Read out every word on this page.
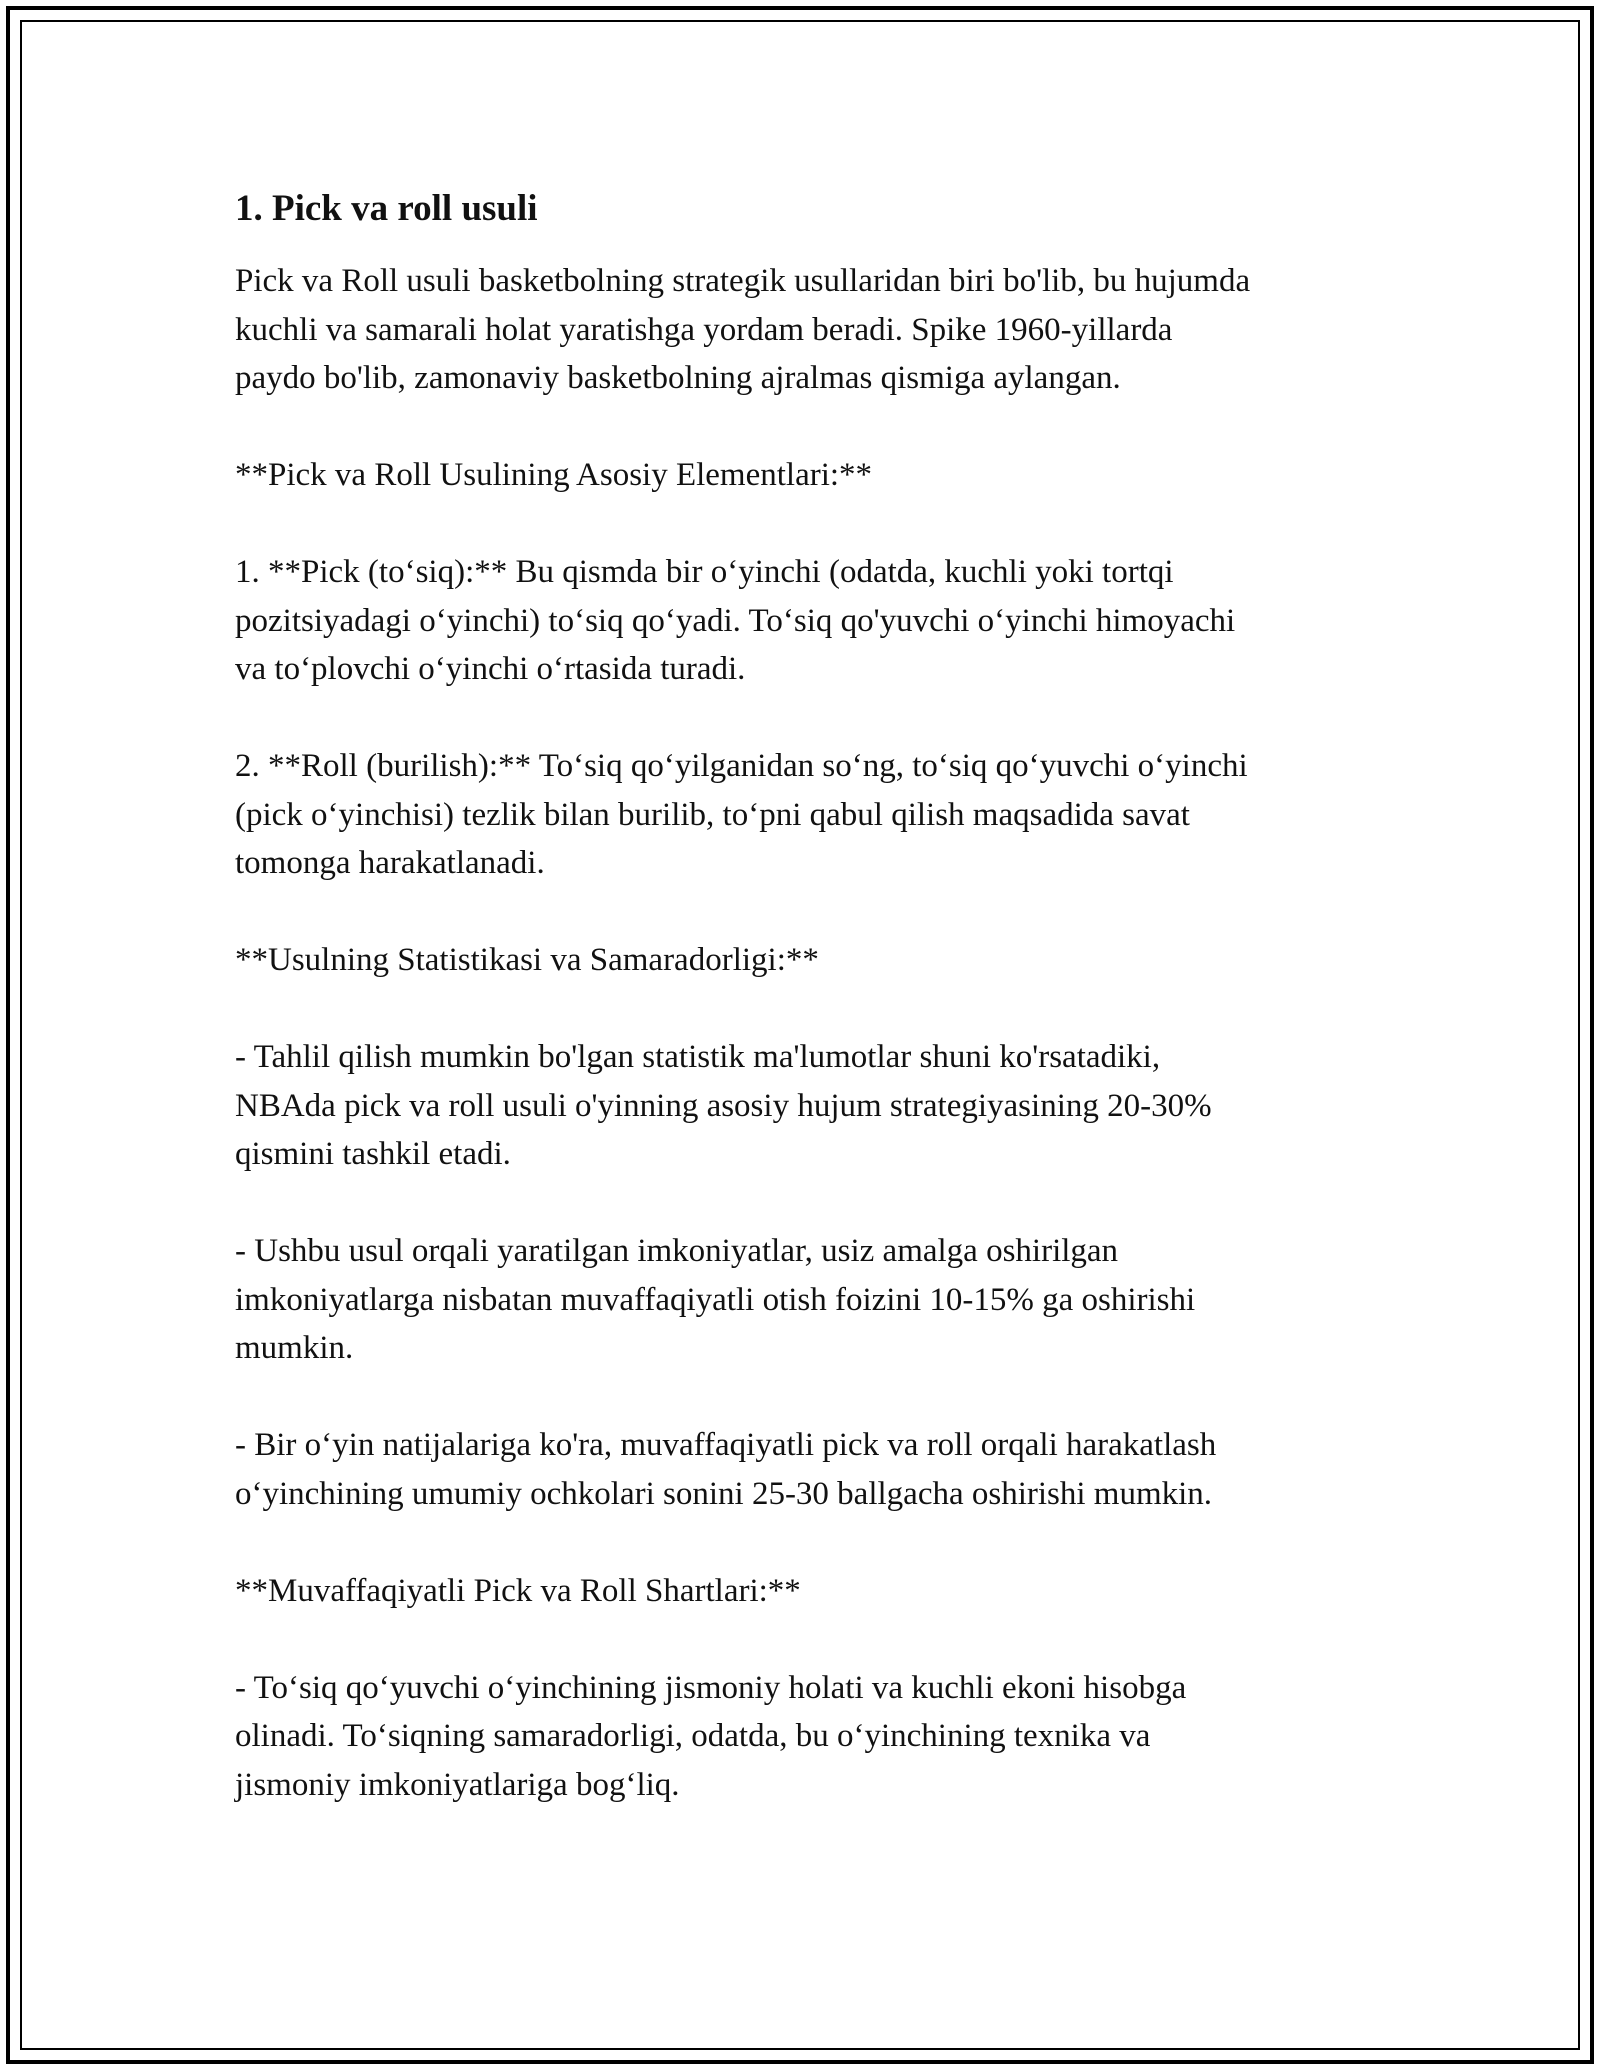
1. Pick va roll usuli
Pick va Roll usuli basketbolning strategik usullaridan biri bo'lib, bu hujumda
kuchli va samarali holat yaratishga yordam beradi. Spike 1960-yillarda
paydo bo'lib, zamonaviy basketbolning ajralmas qismiga aylangan.
**Pick va Roll Usulining Asosiy Elementlari:**
1. **Pick (to‘siq):** Bu qismda bir o‘yinchi (odatda, kuchli yoki tortqi
pozitsiyadagi o‘yinchi) to‘siq qo‘yadi. To‘siq qo'yuvchi o‘yinchi himoyachi
va to‘plovchi o‘yinchi o‘rtasida turadi.
2. **Roll (burilish):** To‘siq qo‘yilganidan so‘ng, to‘siq qo‘yuvchi o‘yinchi
(pick o‘yinchisi) tezlik bilan burilib, to‘pni qabul qilish maqsadida savat
tomonga harakatlanadi.
**Usulning Statistikasi va Samaradorligi:**
- Tahlil qilish mumkin bo'lgan statistik ma'lumotlar shuni ko'rsatadiki,
NBAda pick va roll usuli o'yinning asosiy hujum strategiyasining 20-30%
qismini tashkil etadi.
- Ushbu usul orqali yaratilgan imkoniyatlar, usiz amalga oshirilgan
imkoniyatlarga nisbatan muvaffaqiyatli otish foizini 10-15% ga oshirishi
mumkin.
- Bir o‘yin natijalariga ko'ra, muvaffaqiyatli pick va roll orqali harakatlash
o‘yinchining umumiy ochkolari sonini 25-30 ballgacha oshirishi mumkin.
**Muvaffaqiyatli Pick va Roll Shartlari:**
- To‘siq qo‘yuvchi o‘yinchining jismoniy holati va kuchli ekoni hisobga
olinadi. To‘siqning samaradorligi, odatda, bu o‘yinchining texnika va
jismoniy imkoniyatlariga bog‘liq.
